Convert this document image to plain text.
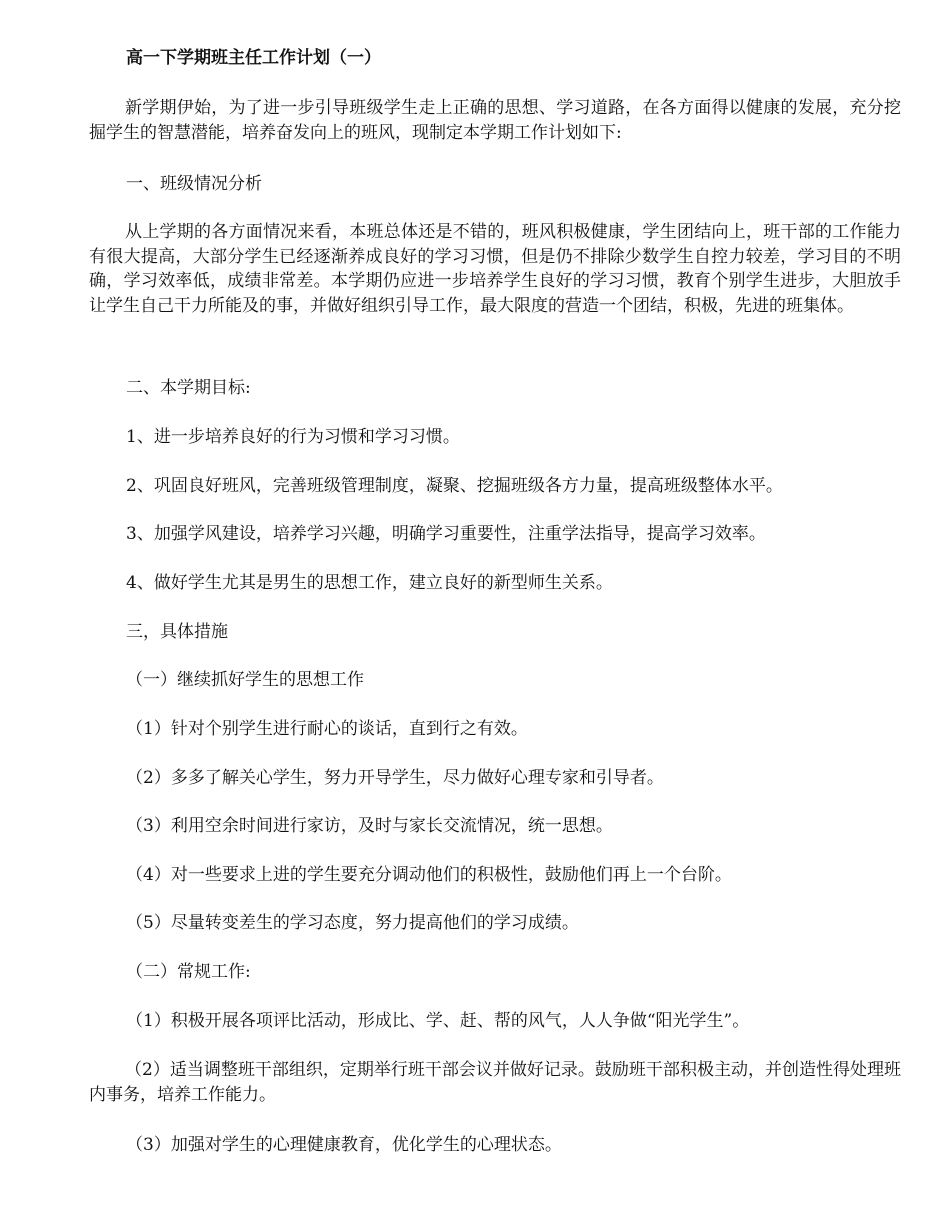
高一下学期班主任工作计划（一）

新学期伊始，为了进一步引导班级学生走上正确的思想、学习道路，在各方面得以健康的发展，充分挖掘学生的智慧潜能，培养奋发向上的班风，现制定本学期工作计划如下:

一、班级情况分析

从上学期的各方面情况来看，本班总体还是不错的，班风积极健康，学生团结向上，班干部的工作能力有很大提高，大部分学生已经逐渐养成良好的学习习惯，但是仍不排除少数学生自控力较差，学习目的不明确，学习效率低，成绩非常差。本学期仍应进一步培养学生良好的学习习惯，教育个别学生进步，大胆放手让学生自己干力所能及的事，并做好组织引导工作，最大限度的营造一个团结，积极，先进的班集体。

二、本学期目标:

1、进一步培养良好的行为习惯和学习习惯。

2、巩固良好班风，完善班级管理制度，凝聚、挖掘班级各方力量，提高班级整体水平。

3、加强学风建设，培养学习兴趣，明确学习重要性，注重学法指导，提高学习效率。

4、做好学生尤其是男生的思想工作，建立良好的新型师生关系。

三，具体措施

（一）继续抓好学生的思想工作

（1）针对个别学生进行耐心的谈话，直到行之有效。

（2）多多了解关心学生，努力开导学生，尽力做好心理专家和引导者。

（3）利用空余时间进行家访，及时与家长交流情况，统一思想。

（4）对一些要求上进的学生要充分调动他们的积极性，鼓励他们再上一个台阶。

（5）尽量转变差生的学习态度，努力提高他们的学习成绩。

（二）常规工作:

（1）积极开展各项评比活动，形成比、学、赶、帮的风气，人人争做“阳光学生”。

（2）适当调整班干部组织，定期举行班干部会议并做好记录。鼓励班干部积极主动，并创造性得处理班内事务，培养工作能力。

（3）加强对学生的心理健康教育，优化学生的心理状态。
